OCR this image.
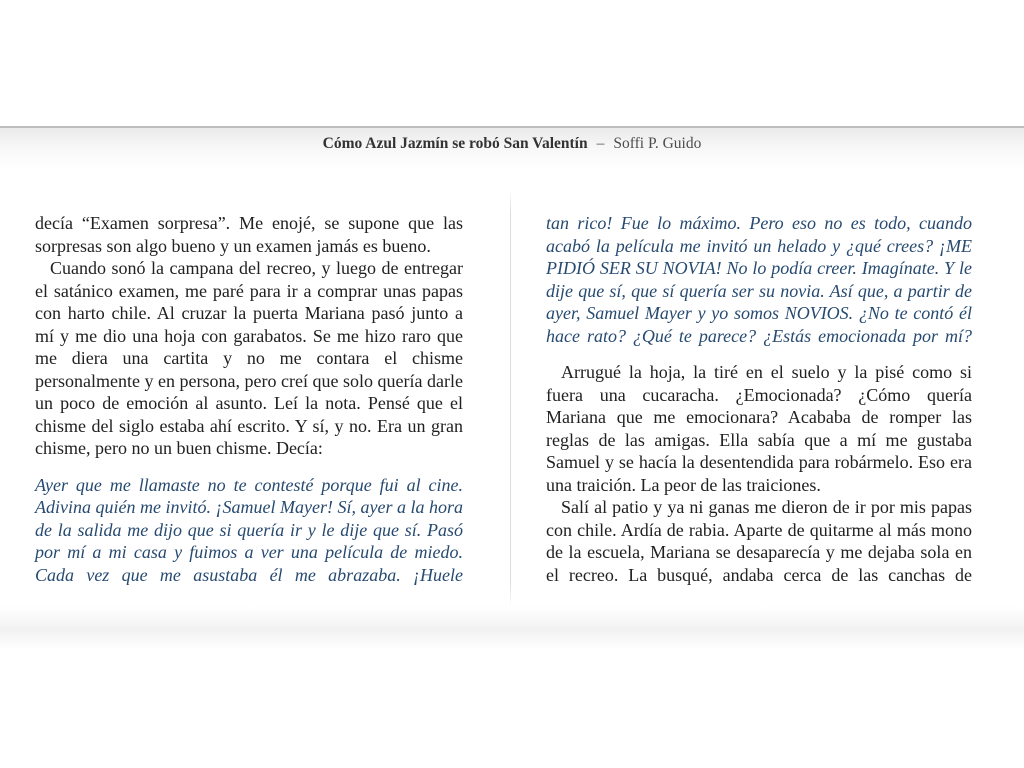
Cómo Azul Jazmín se robó San Valentín – Soffi P. Guido

decía “Examen sorpresa”. Me enojé, se supone que las sorpresas son algo bueno y un examen jamás es bueno.

Cuando sonó la campana del recreo, y luego de entregar el satánico examen, me paré para ir a comprar unas papas con harto chile. Al cruzar la puerta Mariana pasó junto a mí y me dio una hoja con garabatos. Se me hizo raro que me diera una cartita y no me contara el chisme personalmente y en persona, pero creí que solo quería darle un poco de emoción al asunto. Leí la nota. Pensé que el chisme del siglo estaba ahí escrito. Y sí, y no. Era un gran chisme, pero no un buen chisme. Decía:

Ayer que me llamaste no te contesté porque fui al cine. Adivina quién me invitó. ¡Samuel Mayer! Sí, ayer a la hora de la salida me dijo que si quería ir y le dije que sí. Pasó por mí a mi casa y fuimos a ver una película de miedo. Cada vez que me asustaba él me abrazaba. ¡Huele

tan rico! Fue lo máximo. Pero eso no es todo, cuando acabó la película me invitó un helado y ¿qué crees? ¡ME PIDIÓ SER SU NOVIA! No lo podía creer. Imagínate. Y le dije que sí, que sí quería ser su novia. Así que, a partir de ayer, Samuel Mayer y yo somos NOVIOS. ¿No te contó él hace rato? ¿Qué te parece? ¿Estás emocionada por mí?

Arrugué la hoja, la tiré en el suelo y la pisé como si fuera una cucaracha. ¿Emocionada? ¿Cómo quería Mariana que me emocionara? Acababa de romper las reglas de las amigas. Ella sabía que a mí me gustaba Samuel y se hacía la desentendida para robármelo. Eso era una traición. La peor de las traiciones.

Salí al patio y ya ni ganas me dieron de ir por mis papas con chile. Ardía de rabia. Aparte de quitarme al más mono de la escuela, Mariana se desaparecía y me dejaba sola en el recreo. La busqué, andaba cerca de las canchas de
